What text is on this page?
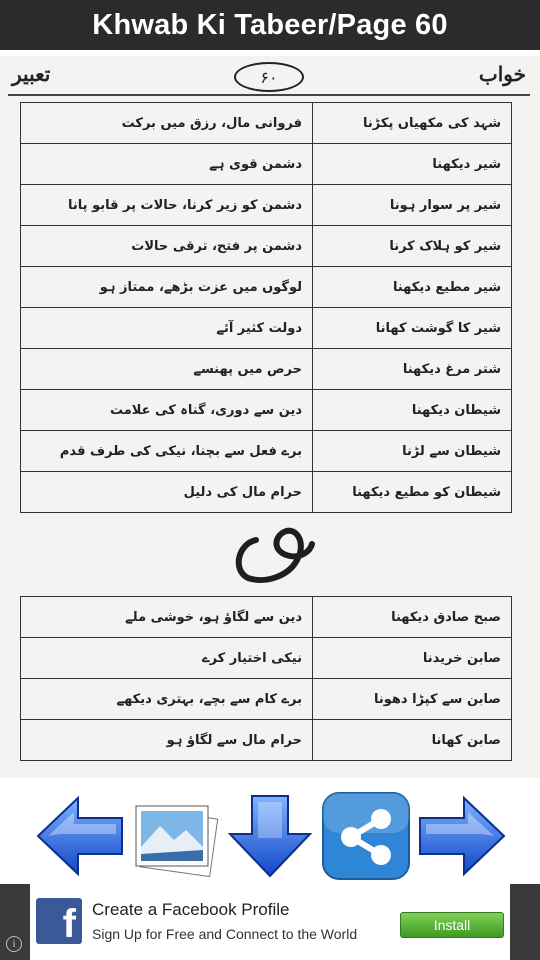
Khwab Ki Tabeer/Page 60
خواب
۶۰
تعبیر
فروانی مال، رزق میں برکت	شہد کی مکھیاں پکڑنا
دشمن قوی ہے	شیر دیکھنا
دشمن کو زیر کرنا، حالات پر قابو پانا	شیر پر سوار ہونا
دشمن پر فتح، ترقی حالات	شیر کو ہلاک کرنا
لوگوں میں عزت بڑھے، ممتاز ہو	شیر مطیع دیکھنا
دولت کثیر آئے	شیر کا گوشت کھانا
حرص میں پھنسے	شتر مرغ دیکھنا
دین سے دوری، گناہ کی علامت	شیطان دیکھنا
برے فعل سے بچنا، نیکی کی طرف قدم	شیطان سے لڑنا
حرام مال کی دلیل	شیطان کو مطیع دیکھنا
دین سے لگاؤ ہو، خوشی ملے	صبح صادق دیکھنا
نیکی اختیار کرے	صابن خریدنا
برے کام سے بچے، بہتری دیکھے	صابن سے کپڑا دھونا
حرام مال سے لگاؤ ہو	صابن کھانا
i	f Create a Facebook Profile
Sign Up for Free and Connect to the World
Install
